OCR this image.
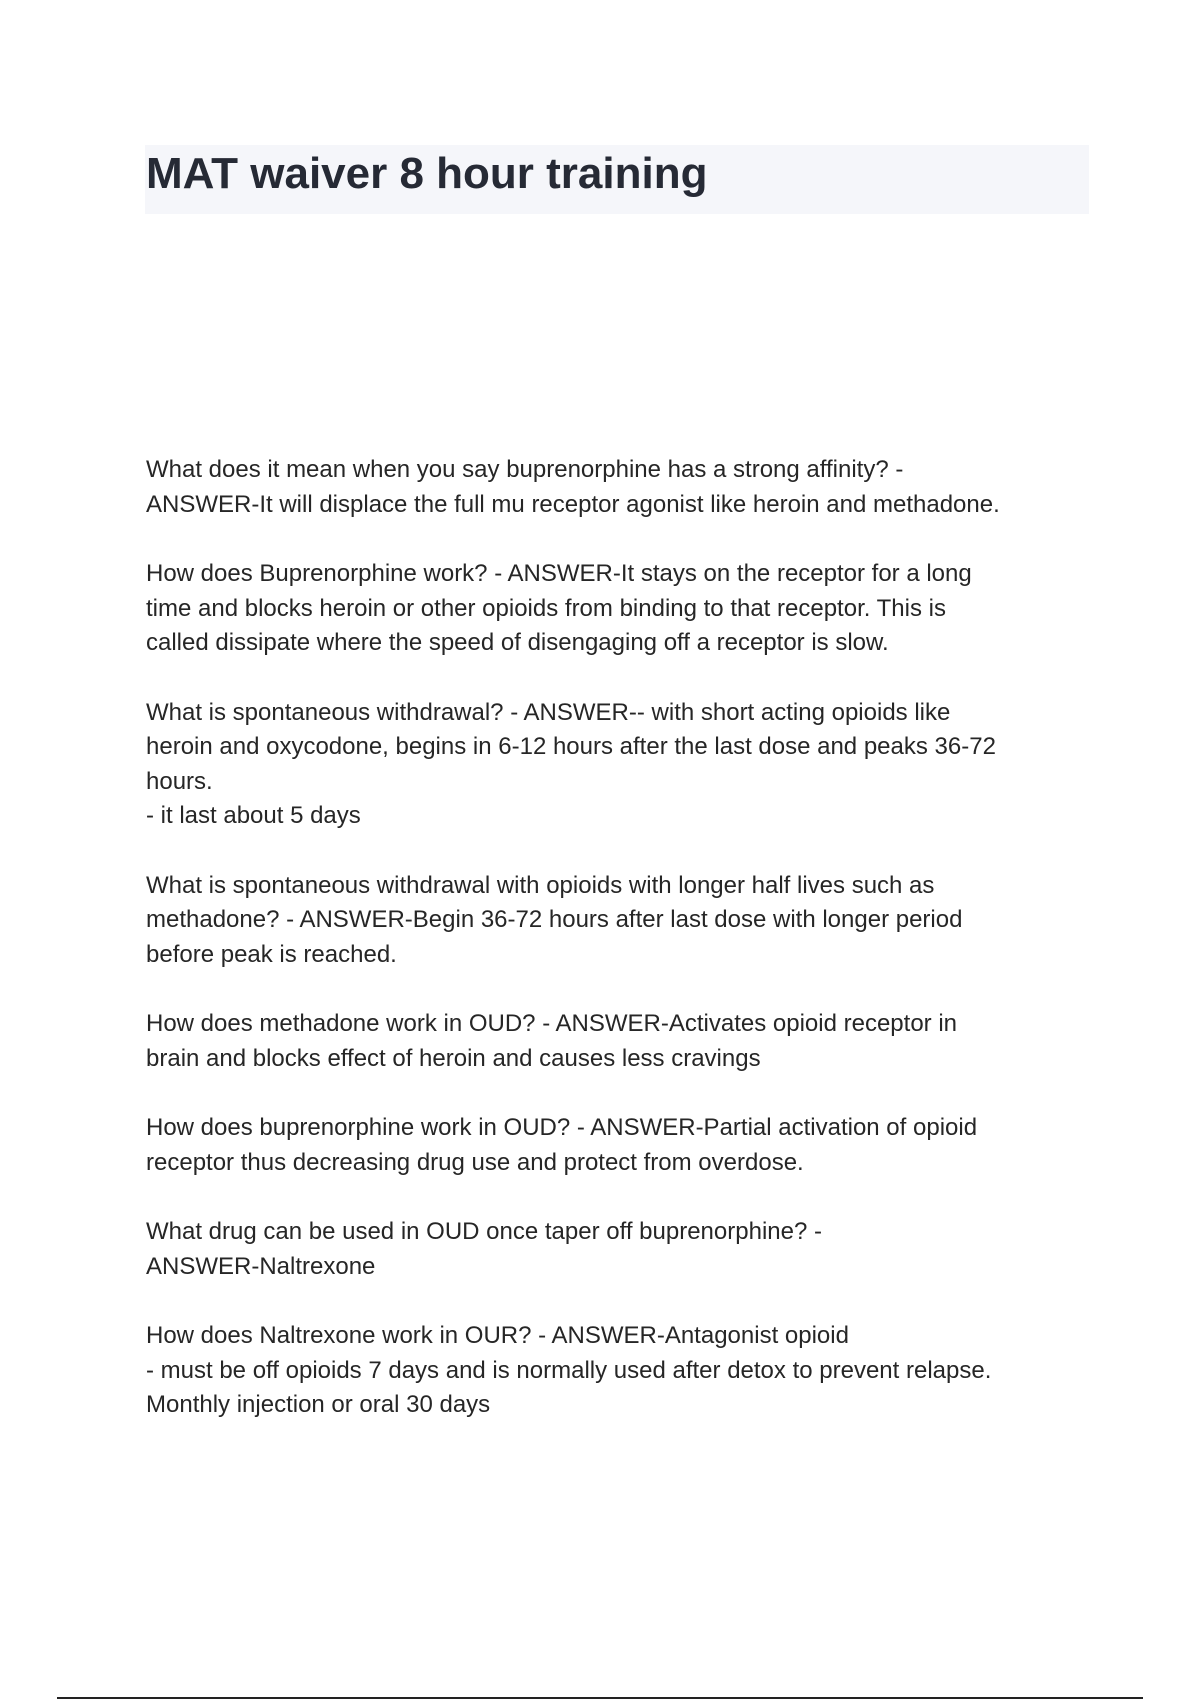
MAT waiver 8 hour training

What does it mean when you say buprenorphine has a strong affinity? -
ANSWER-It will displace the full mu receptor agonist like heroin and methadone.

How does Buprenorphine work? - ANSWER-It stays on the receptor for a long
time and blocks heroin or other opioids from binding to that receptor. This is
called dissipate where the speed of disengaging off a receptor is slow.

What is spontaneous withdrawal? - ANSWER-- with short acting opioids like
heroin and oxycodone, begins in 6-12 hours after the last dose and peaks 36-72
hours.
- it last about 5 days

What is spontaneous withdrawal with opioids with longer half lives such as
methadone? - ANSWER-Begin 36-72 hours after last dose with longer period
before peak is reached.

How does methadone work in OUD? - ANSWER-Activates opioid receptor in
brain and blocks effect of heroin and causes less cravings

How does buprenorphine work in OUD? - ANSWER-Partial activation of opioid
receptor thus decreasing drug use and protect from overdose.

What drug can be used in OUD once taper off buprenorphine? -
ANSWER-Naltrexone

How does Naltrexone work in OUR? - ANSWER-Antagonist opioid
- must be off opioids 7 days and is normally used after detox to prevent relapse.
Monthly injection or oral 30 days
